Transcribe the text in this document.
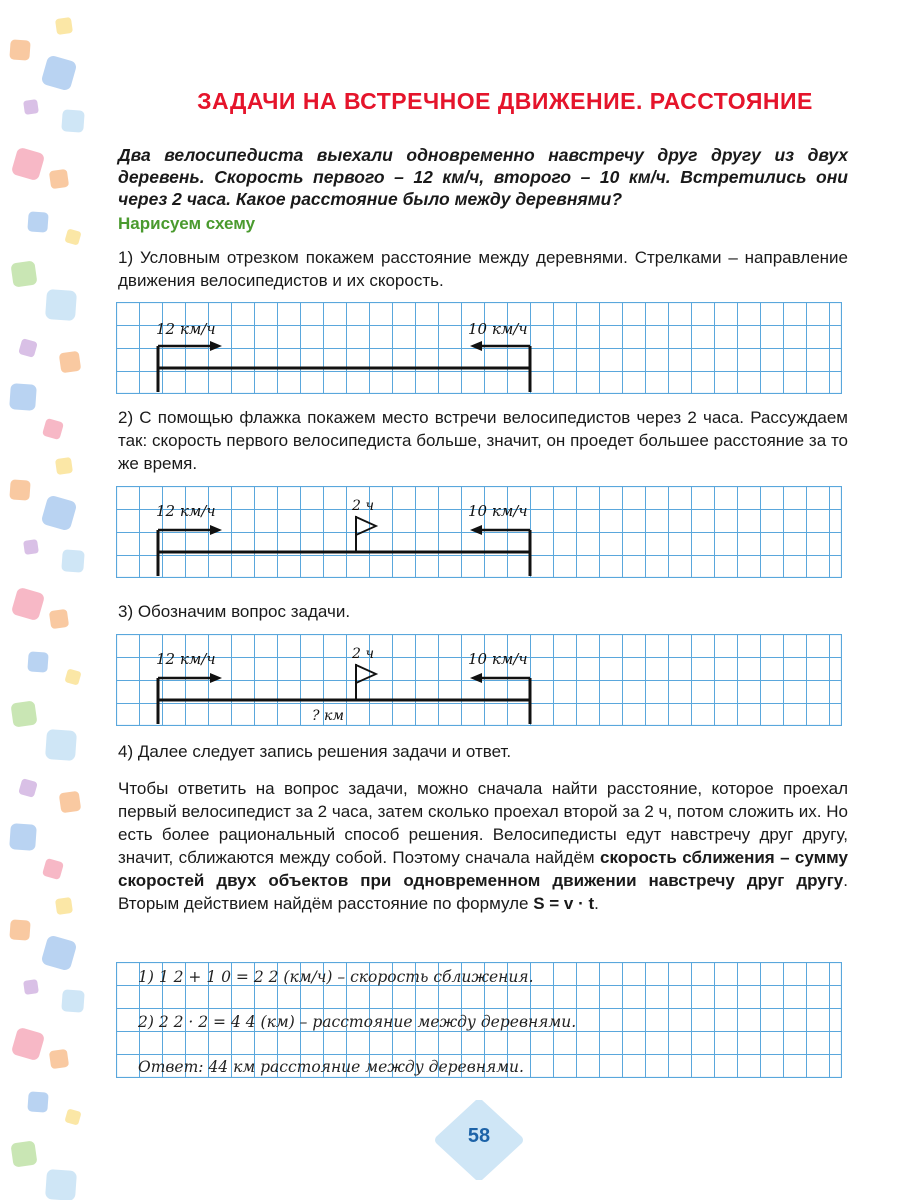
ЗАДАЧИ НА ВСТРЕЧНОЕ ДВИЖЕНИЕ. РАССТОЯНИЕ
Два велосипедиста выехали одновременно навстречу друг другу из двух деревень. Скорость первого – 12 км/ч, второго – 10 км/ч. Встретились они через 2 часа. Какое расстояние было между деревнями?
Нарисуем схему
1) Условным отрезком покажем расстояние между деревнями. Стрелками – направление движения велосипедистов и их скорость.
12 км/ч	10 км/ч
2) С помощью флажка покажем место встречи велосипедистов через 2 часа. Рассуждаем так: скорость первого велосипедиста больше, значит, он проедет большее расстояние за то же время.
2 ч
12 км/ч	10 км/ч
3) Обозначим вопрос задачи.
2 ч
12 км/ч	10 км/ч
? км
4) Далее следует запись решения задачи и ответ.
Чтобы ответить на вопрос задачи, можно сначала найти расстояние, которое проехал первый велосипедист за 2 часа, затем сколько проехал второй за 2 ч, потом сложить их. Но есть более рациональный способ решения. Велосипедисты едут навстречу друг другу, значит, сближаются между собой. Поэтому сначала найдём скорость сближения – сумму скоростей двух объектов при одновременном движении навстречу друг другу. Вторым действием найдём расстояние по формуле S = v · t.
1) 1 2 + 1 0 = 2 2 (км/ч) – скорость сближения.
2) 2 2 · 2 = 4 4 (км) – расстояние между деревнями.
Ответ: 44 км расстояние между деревнями.
58
